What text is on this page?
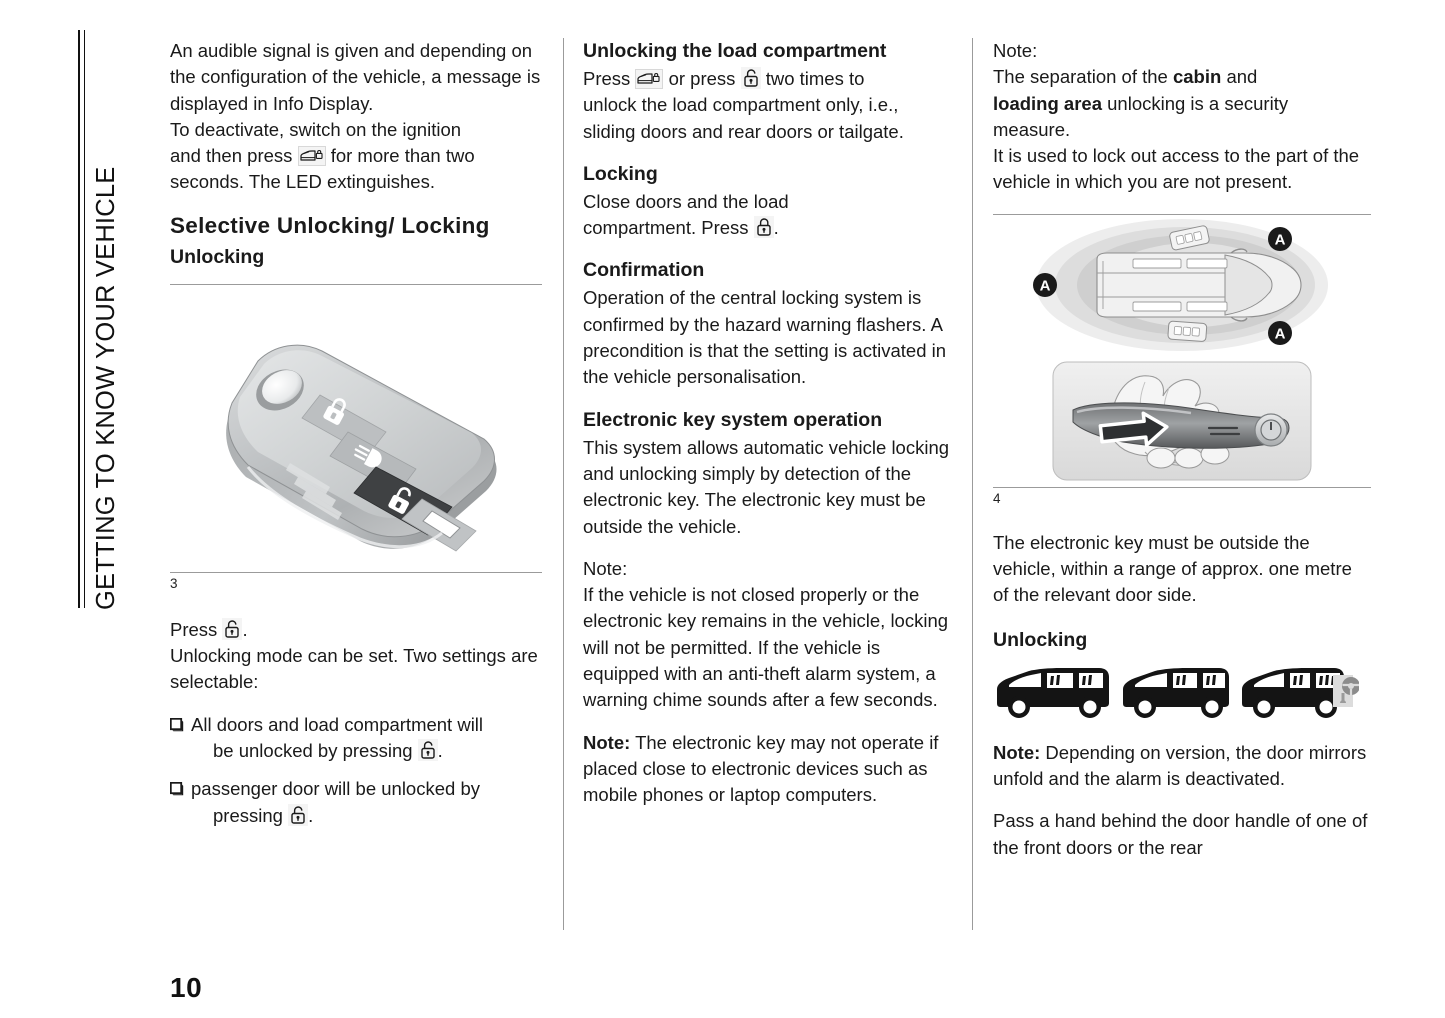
GETTING TO KNOW YOUR VEHICLE

An audible signal is given and depending on the configuration of the vehicle, a message is displayed in Info Display.

To deactivate, switch on the ignition

and then press for more than two

seconds. The LED extinguishes.

Selective Unlocking/ Locking
Unlocking
3

Press .

Unlocking mode can be set. Two settings are selectable:

All doors and load compartment will
be unlocked by pressing .
passenger door will be unlocked by
pressing .
Unlocking the load compartment

Press or press two times to

unlock the load compartment only, i.e., sliding doors and rear doors or tailgate.

Locking

Close doors and the load

compartment. Press .

Confirmation

Operation of the central locking system is confirmed by the hazard warning flashers. A precondition is that the setting is activated in the vehicle personalisation.

Electronic key system operation

This system allows automatic vehicle locking and unlocking simply by detection of the electronic key. The electronic key must be outside the vehicle.

Note:

If the vehicle is not closed properly or the electronic key remains in the vehicle, locking will not be permitted. If the vehicle is equipped with an anti-theft alarm system, a warning chime sounds after a few seconds.

Note: The electronic key may not operate if placed close to electronic devices such as mobile phones or laptop computers.

Note:

The separation of the cabin and

loading area unlocking is a security

measure.

It is used to lock out access to the part of the vehicle in which you are not present.

A
A
A
4

The electronic key must be outside the vehicle, within a range of approx. one metre of the relevant door side.

Unlocking

Note: Depending on version, the door mirrors unfold and the alarm is deactivated.

Pass a hand behind the door handle of one of the front doors or the rear

10
